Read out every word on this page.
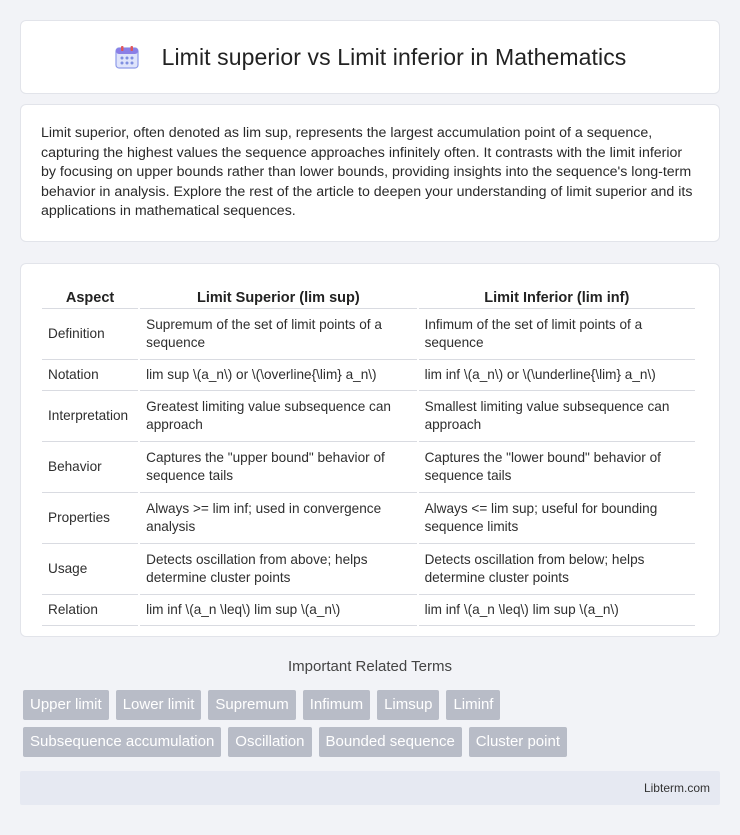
Limit superior vs Limit inferior in Mathematics

Limit superior, often denoted as lim sup, represents the largest accumulation point of a sequence, capturing the highest values the sequence approaches infinitely often. It contrasts with the limit inferior by focusing on upper bounds rather than lower bounds, providing insights into the sequence's long-term behavior in analysis. Explore the rest of the article to deepen your understanding of limit superior and its applications in mathematical sequences.

Aspect	Limit Superior (lim sup)	Limit Inferior (lim inf)
Definition	Supremum of the set of limit points of a sequence	Infimum of the set of limit points of a sequence
Notation	lim sup \(a_n\) or \(\overline{\lim} a_n\)	lim inf \(a_n\) or \(\underline{\lim} a_n\)
Interpretation	Greatest limiting value subsequence can approach	Smallest limiting value subsequence can approach
Behavior	Captures the "upper bound" behavior of sequence tails	Captures the "lower bound" behavior of sequence tails
Properties	Always >= lim inf; used in convergence analysis	Always <= lim sup; useful for bounding sequence limits
Usage	Detects oscillation from above; helps determine cluster points	Detects oscillation from below; helps determine cluster points
Relation	lim inf \(a_n \leq\) lim sup \(a_n\)	lim inf \(a_n \leq\) lim sup \(a_n\)
Important Related Terms
Upper limit	Lower limit	Supremum	Infimum	Limsup	Liminf
Subsequence accumulation	Oscillation	Bounded sequence	Cluster point
Libterm.com
